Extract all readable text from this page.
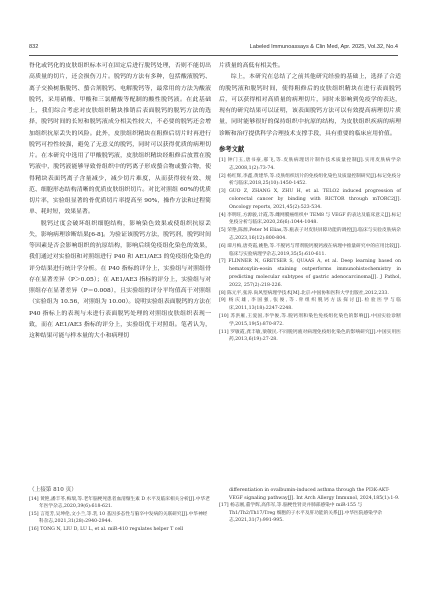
832	Labeled Immunoassays & Clin Med, Apr. 2025, Vol.32, No.4

脊化或钙化的皮肤组织标本可在固定后进行脱钙处理，否则不能切出高质量的切片，还会损伤刀片。脱钙的方法有多种，包括酸液脱钙、离子交换树脂脱钙、螯合剂脱钙、电解脱钙等，最常用的方法为酸液脱钙，采用硝酸、甲酸和三氯醋酸等配制的酸性脱钙液。在此基础上，我们综合考虑对皮肤组织精块推销后表面脱钙的脱钙方法的选择，脱钙时间的长短和脱钙液成分相关性较大，不必要的脱钙还会增加组织抗原丢失的风险。此外，皮肤组织精块在粗修后切片时再进行脱钙可控性较强，避免了无意义的脱钙，同时可以获得优质的病理切片。在本研究中选用了甲酸脱钙液，皮肤组织精块经粗修后放置在脱钙液中，脱钙液能够导致骨组织中的钙离子形成螯合物或螯合物，使得精块表面钙离子含量减少，减少切片难度，从而获得较有效、规范、细胞形态结构清晰的优质皮肤组织切片。对比对照组 60%的优质切片率，实验组显著的骨优质切片率提高至 90%，操作方法和过程简单、耗时短，效果显著。

脱钙过度会破坏组织细胞结构，影响染色效果或使组织抗原丢失，影响病理诊断结果[6-8]。为验证该脱钙方法，脱钙剂，脱钙时间等因素是否会影响组织的抗原结构，影响后续免疫组化染色的效果，我们通过对实验组和对照组进行 P40 和 AE1/AE3 的免疫组化染色的评分结果进行统计学分析。在 P40 指标的评分上，实验组与对照组骨存在显著差异（P＞0.05）；在 AE1/AE3 指标的评分上，实验组与对照组存在显著差异（P＝0.008），且实验组的评分平均值高于对照组（实验组为 10.56，对照组为 10.00）。说明实验组表面脱钙的方法在 P40 指标上的表现与未进行表面脱钙处理的对照组皮肤组织表现一致，而在 AE1/AE3 指标的评分上，实验组优于对照组。笔者认为，这种结果可能与样本量的大小和病理切

片质量的高低有相关性。

综上，本研究在总结了之前其他研究经验的基础上，选择了合适的脱钙液和脱钙时间，使得粗修后的皮肤组织精块在进行表面脱钙后，可以获得相对高质量的病理切片，同时未影响到免疫学的表达，现有的研究结果可以证明，该表面脱钙方法可以有效提高病理切片质量，同时能够很好的保持组织中抗原的结构，为皮肤组织疾病的病理诊断和治疗提供科学合理技术支撑手段，具有重要的临床应用价值。

参考文献

[1] 钟门玉,唐书豪,郝飞,等.皮肤病理切片制作技术质量控制[J].实用皮肤病学杂志,2008,1(2):73-74.

[2] 杨红辉,李鑫,黄建华,等.皮肤组织切片的免疫组化染色及质量控制研究[J].标记免疫分析与临床,2018,25(10):1450-1452.

[3] GUO Z, ZHANG X, ZHU H, et al. TELO2 induced progression of colorectal cancer by binding with RICTOR through mTORC2[J]. Oncology reports, 2021,45(2):523-534.

[4] 李明旺,方源骏,计霞,等.雌网膜癌组织中 TEM8 与 VEGF 的表达及临床意义[J].标记免疫分析与临床,2020,26(6):1044-1048.

[5] 荣艳,陈源,Peter M Elias,等.瓶表子对皮肤屏障功能的调控[J].临床与实验皮肤病杂志,2023,16(12):800-804.

[6] 谭月梅,唐英霞,姚艳,等.不脱钙与带剂脱钙脱钙液在病理中推量研究中的应用比较[J].临床与实验病理学杂志,2019,35(5):610-611.

[7] FLINNER N, GRETSER S, QUAAS A, et al. Deep learning based on hematoxylin-eosin staining outperforms immunohistochemistry in predicting molecular subtypes of gastric adenocarcinoma[J]. J Pathol, 2022, 257(2):218-226.

[8] 陈元平,张涛.尚风型病理学技术[M].北京:中国协和医科大学出版社,2012,233.

[9] 杨庆雄,李国强,张俊,等.骨组织脱钙方法探讨[J].检验医学与临床,2011,13(18):2247-2248.

[10] 苏洪雁,王爱国,李学俊,等.脱钙剂和染色免疫组化染色的影响[J].中国实验诊断学,2015,19(5):870-872.

[11] 罗敏霞,龚丰敏,梁敬民.不同脱钙液对病理免疫组化染色的影响研究[J].中国实用医药,2013,6(19):27-28.

（上接第 810 页）

[14] 黄艳,潘丰苓,梅瑞,等.老年脑梗死患者血清缬生素 D 水平及临床相关分析[J].中华老年医学杂志,2020,39(6):618-621.

[15] 言宽芳,吴坤伦,文小兰,等.乳 10 基因多态性与脑卒中发病的关联研究[J].中华神经科杂志,2021,31(28):2940-2944.

[16] TONG N, LIU D, LU L, et al. miR-410 regulates helper T cell

differentiation in ovalbumin-induced asthma through the PI3K-AKT-VEGF signaling pathway[J]. Int Arch Allergy Immunol, 2024,185(1):1-9.

[17] 杨志刚,董学辉,高伟军,等.脑梗性肾炎并肺部感染中 miR-155 与 Th1/Th2/Th17/Treg 细胞的子水平及肝功能的关系[J].中华医院感染学杂志,2021,31(7):991-995.
